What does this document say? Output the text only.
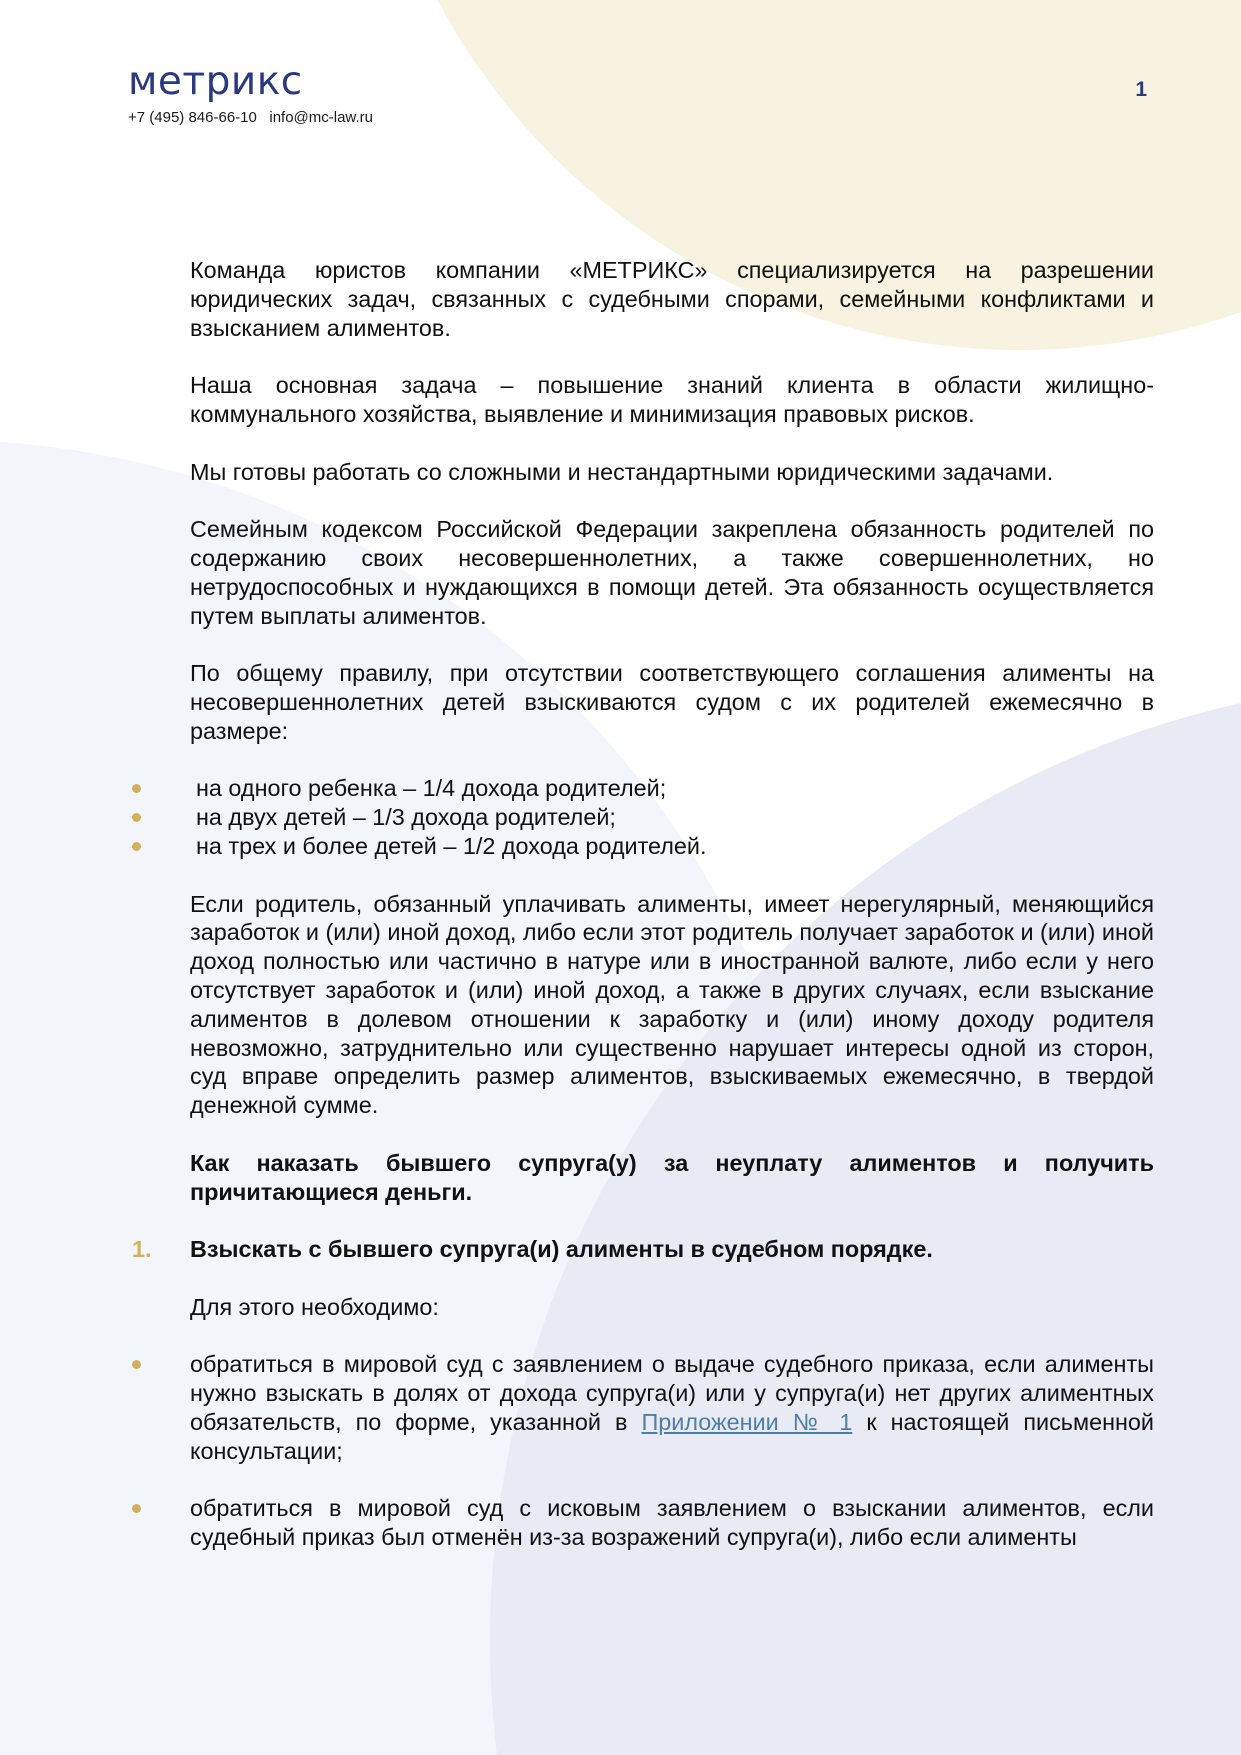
метрикс
+7 (495) 846-66-10 info@mc-law.ru
1

Команда юристов компании «МЕТРИКС» специализируется на разрешении юридических задач, связанных с судебными спорами, семейными конфликтами и взысканием алиментов.

Наша основная задача – повышение знаний клиента в области жилищно-коммунального хозяйства, выявление и минимизация правовых рисков.

Мы готовы работать со сложными и нестандартными юридическими задачами.

Семейным кодексом Российской Федерации закреплена обязанность родителей по содержанию своих несовершеннолетних, а также совершеннолетних, но нетрудоспособных и нуждающихся в помощи детей. Эта обязанность осуществляется путем выплаты алиментов.

По общему правилу, при отсутствии соответствующего соглашения алименты на несовершеннолетних детей взыскиваются судом с их родителей ежемесячно в размере:

на одного ребенка – 1/4 дохода родителей;
на двух детей – 1/3 дохода родителей;
на трех и более детей – 1/2 дохода родителей.

Если родитель, обязанный уплачивать алименты, имеет нерегулярный, меняющийся заработок и (или) иной доход, либо если этот родитель получает заработок и (или) иной доход полностью или частично в натуре или в иностранной валюте, либо если у него отсутствует заработок и (или) иной доход, а также в других случаях, если взыскание алиментов в долевом отношении к заработку и (или) иному доходу родителя невозможно, затруднительно или существенно нарушает интересы одной из сторон, суд вправе определить размер алиментов, взыскиваемых ежемесячно, в твердой денежной сумме.

Как наказать бывшего супруга(у) за неуплату алиментов и получить причитающиеся деньги.

1. Взыскать с бывшего супруга(и) алименты в судебном порядке.

Для этого необходимо:

обратиться в мировой суд с заявлением о выдаче судебного приказа, если алименты нужно взыскать в долях от дохода супруга(и) или у супруга(и) нет других алиментных обязательств, по форме, указанной в Приложении № 1 к настоящей письменной консультации;
обратиться в мировой суд с исковым заявлением о взыскании алиментов, если судебный приказ был отменён из-за возражений супруга(и), либо если алименты
